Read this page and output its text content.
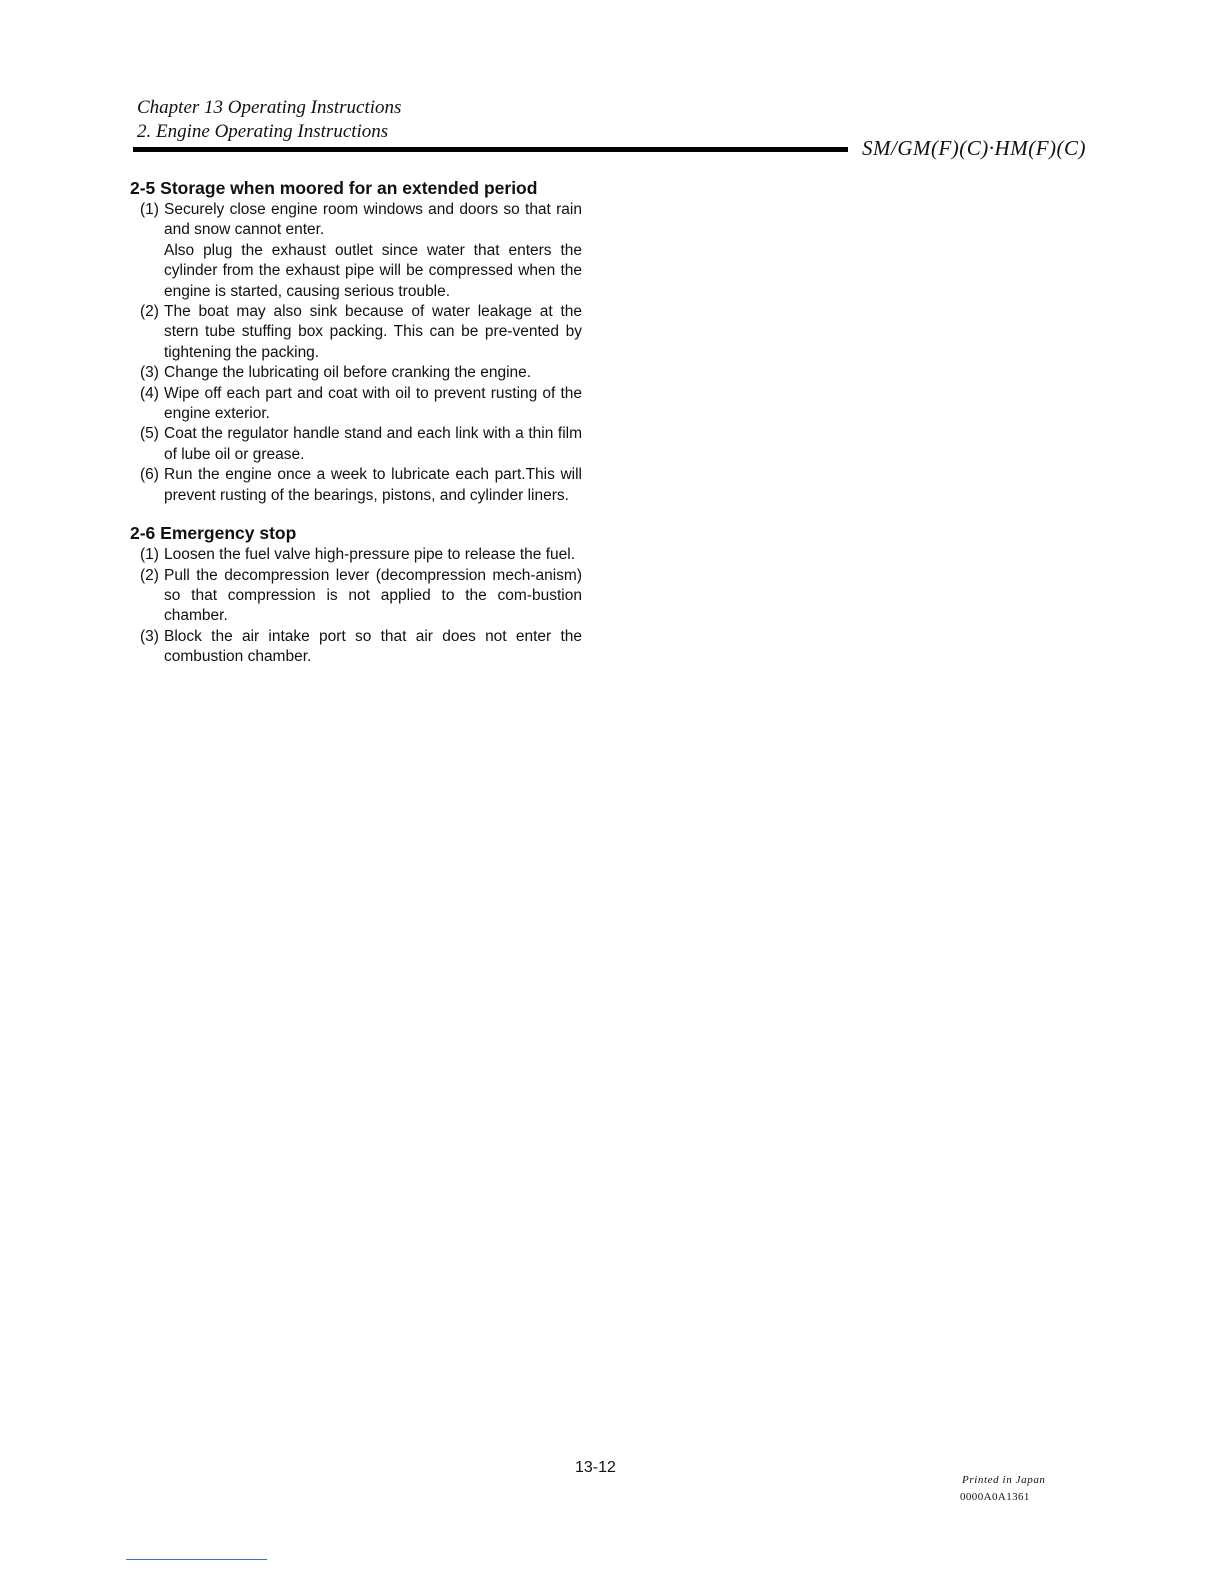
Chapter 13 Operating Instructions
2. Engine Operating Instructions
SM/GM(F)(C)·HM(F)(C)
2-5 Storage when moored for an extended period
(1) Securely close engine room windows and doors so that rain and snow cannot enter.
Also plug the exhaust outlet since water that enters the cylinder from the exhaust pipe will be compressed when the engine is started, causing serious trouble.
(2) The boat may also sink because of water leakage at the stern tube stuffing box packing. This can be pre-vented by tightening the packing.
(3) Change the lubricating oil before cranking the engine.
(4) Wipe off each part and coat with oil to prevent rusting of the engine exterior.
(5) Coat the regulator handle stand and each link with a thin film of lube oil or grease.
(6) Run the engine once a week to lubricate each part.This will prevent rusting of the bearings, pistons, and cylinder liners.
2-6 Emergency stop
(1) Loosen the fuel valve high-pressure pipe to release the fuel.
(2) Pull the decompression lever (decompression mech-anism) so that compression is not applied to the com-bustion chamber.
(3) Block the air intake port so that air does not enter the combustion chamber.
13-12
Printed in Japan
0000A0A1361
